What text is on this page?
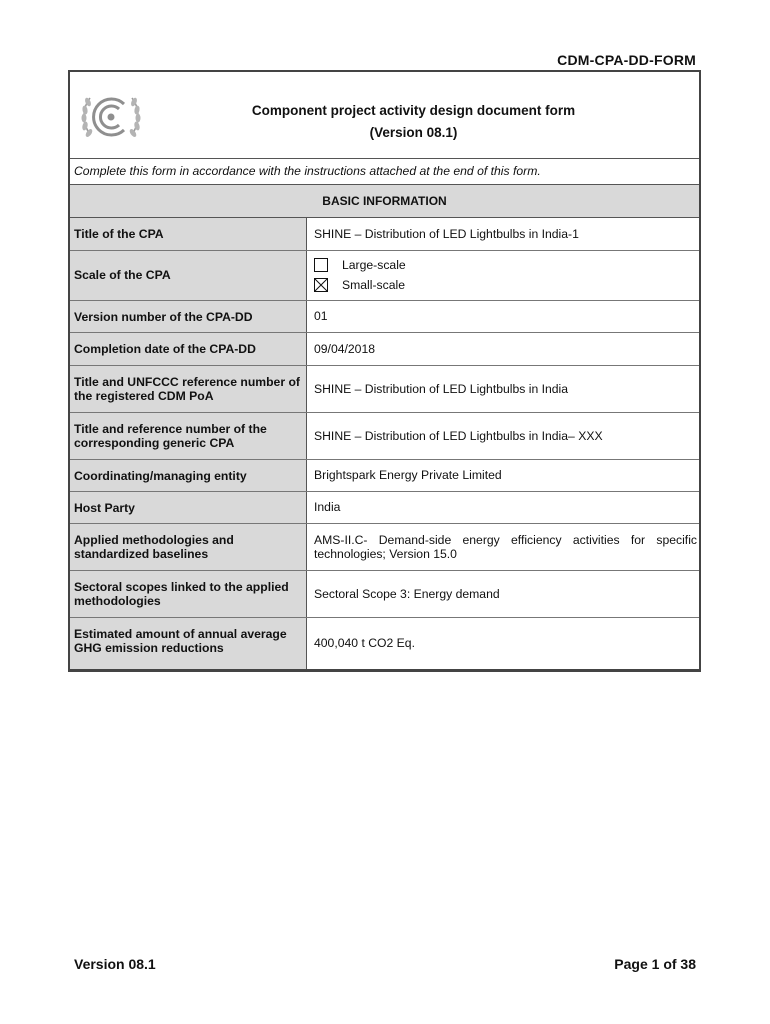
CDM-CPA-DD-FORM
Component project activity design document form
(Version 08.1)
Complete this form in accordance with the instructions attached at the end of this form.
BASIC INFORMATION
Title of the CPA	SHINE – Distribution of LED Lightbulbs in India-1
Scale of the CPA	Large-scale
Small-scale

Version number of the CPA-DD	01
Completion date of the CPA-DD	09/04/2018
Title and UNFCCC reference number of the registered CDM PoA	SHINE – Distribution of LED Lightbulbs in India
Title and reference number of the corresponding generic CPA	SHINE – Distribution of LED Lightbulbs in India– XXX
Coordinating/managing entity	Brightspark Energy Private Limited
Host Party	India
Applied methodologies and standardized baselines	AMS-II.C- Demand-side energy efficiency activities for specific technologies; Version 15.0
Sectoral scopes linked to the applied methodologies	Sectoral Scope 3: Energy demand
Estimated amount of annual average GHG emission reductions	400,040 t CO2 Eq.
Version 08.1	Page 1 of 38
